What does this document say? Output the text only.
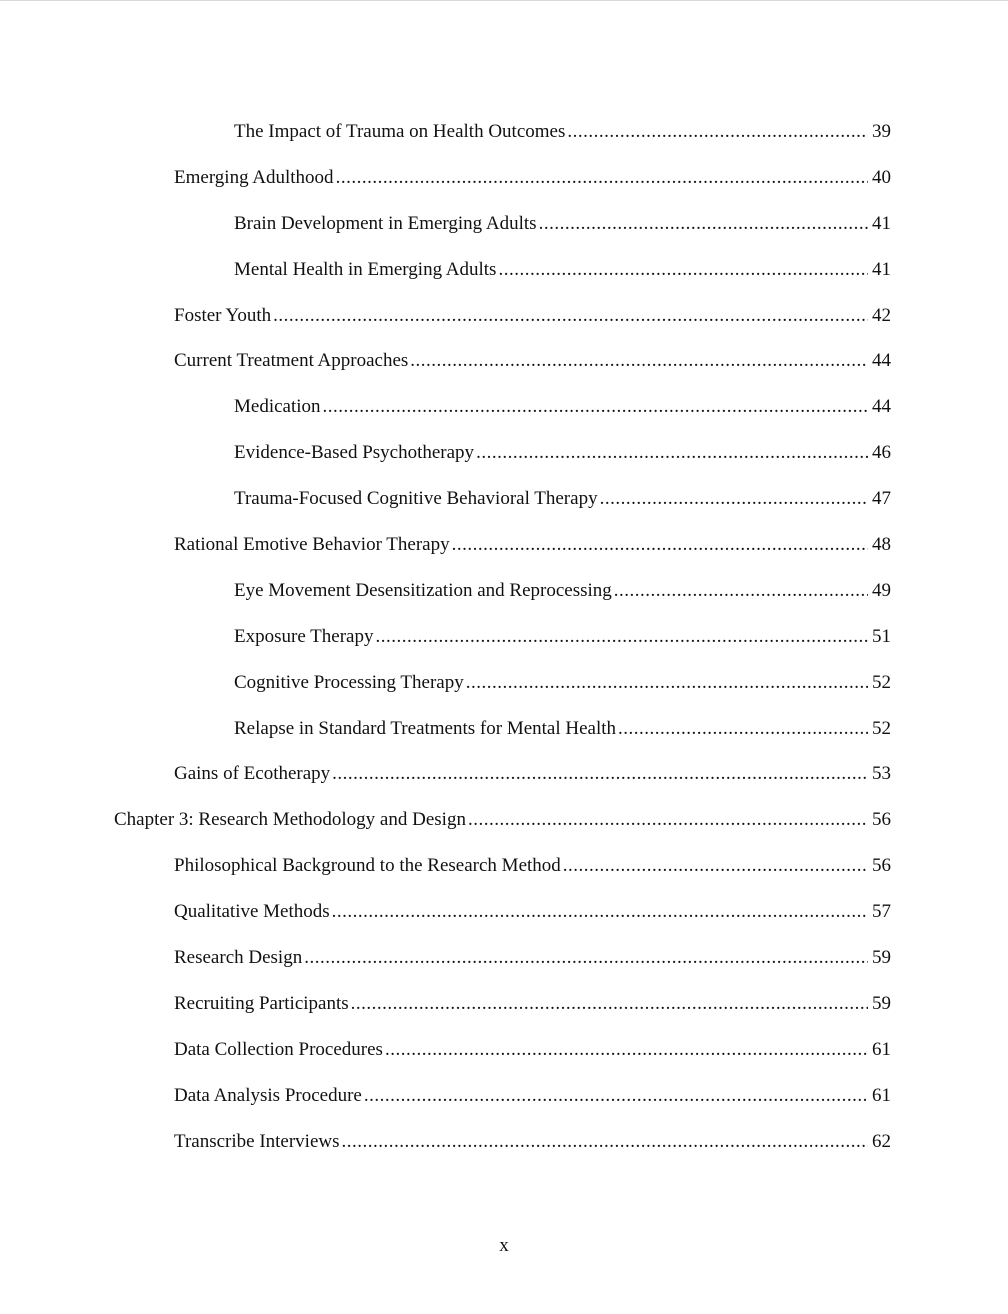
The Impact of Trauma on Health Outcomes .....	39
Emerging Adulthood .....	40
Brain Development in Emerging Adults .....	41
Mental Health in Emerging Adults .....	41
Foster Youth .....	42
Current Treatment Approaches .....	44
Medication .....	44
Evidence-Based Psychotherapy .....	46
Trauma-Focused Cognitive Behavioral Therapy .....	47
Rational Emotive Behavior Therapy .....	48
Eye Movement Desensitization and Reprocessing .....	49
Exposure Therapy .....	51
Cognitive Processing Therapy .....	52
Relapse in Standard Treatments for Mental Health .....	52
Gains of Ecotherapy .....	53
Chapter 3: Research Methodology and Design .....	56
Philosophical Background to the Research Method .....	56
Qualitative Methods .....	57
Research Design .....	59
Recruiting Participants .....	59
Data Collection Procedures .....	61
Data Analysis Procedure .....	61
Transcribe Interviews .....	62
x
